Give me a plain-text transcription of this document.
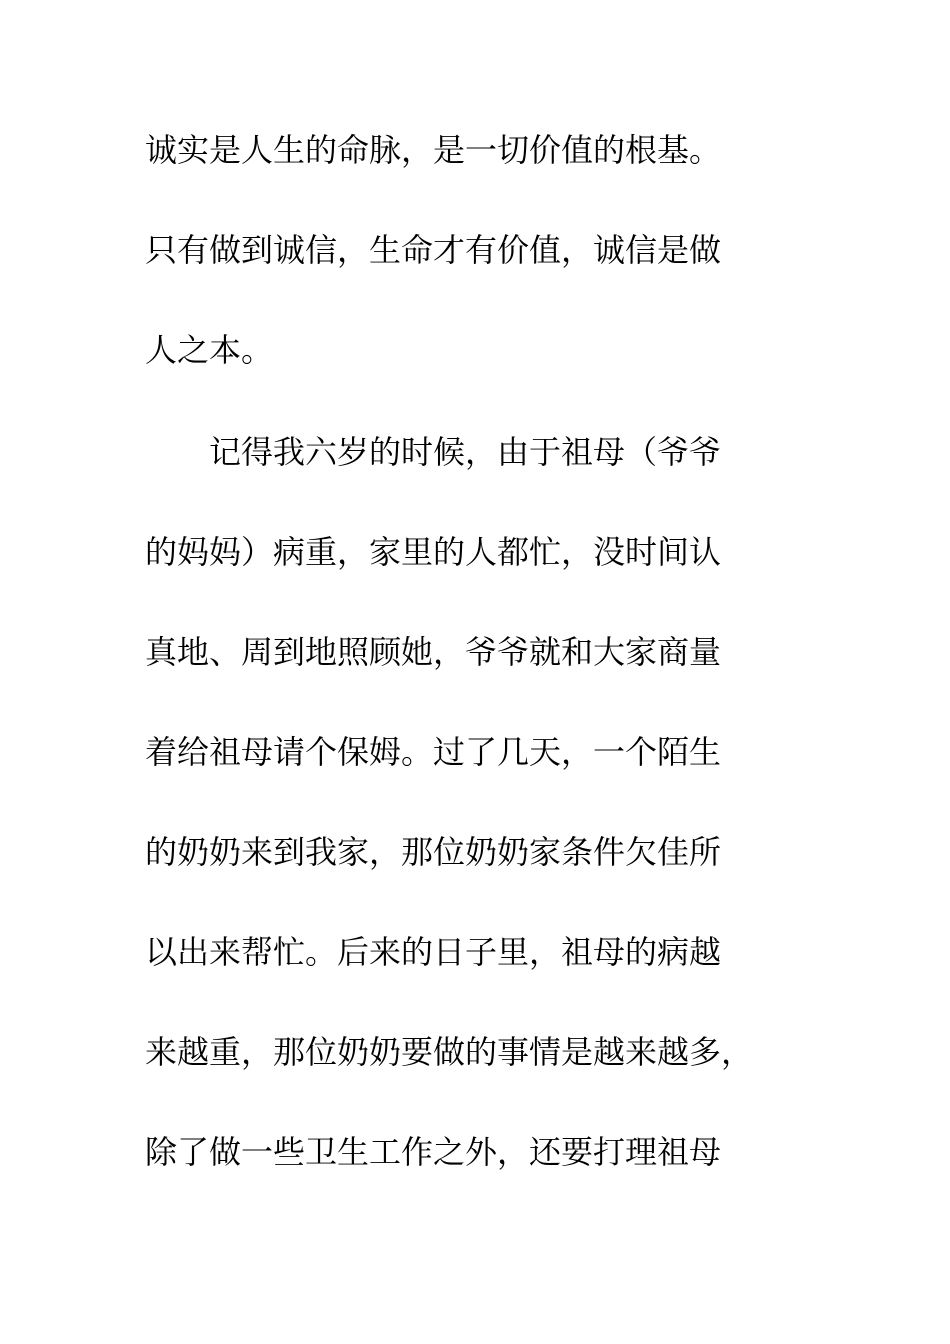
诚实是人生的命脉，是一切价值的根基。
只有做到诚信，生命才有价值，诚信是做
人之本。
　　记得我六岁的时候，由于祖母（爷爷
的妈妈）病重，家里的人都忙，没时间认
真地、周到地照顾她，爷爷就和大家商量
着给祖母请个保姆。过了几天，一个陌生
的奶奶来到我家，那位奶奶家条件欠佳所
以出来帮忙。后来的日子里，祖母的病越
来越重，那位奶奶要做的事情是越来越多，
除了做一些卫生工作之外，还要打理祖母
